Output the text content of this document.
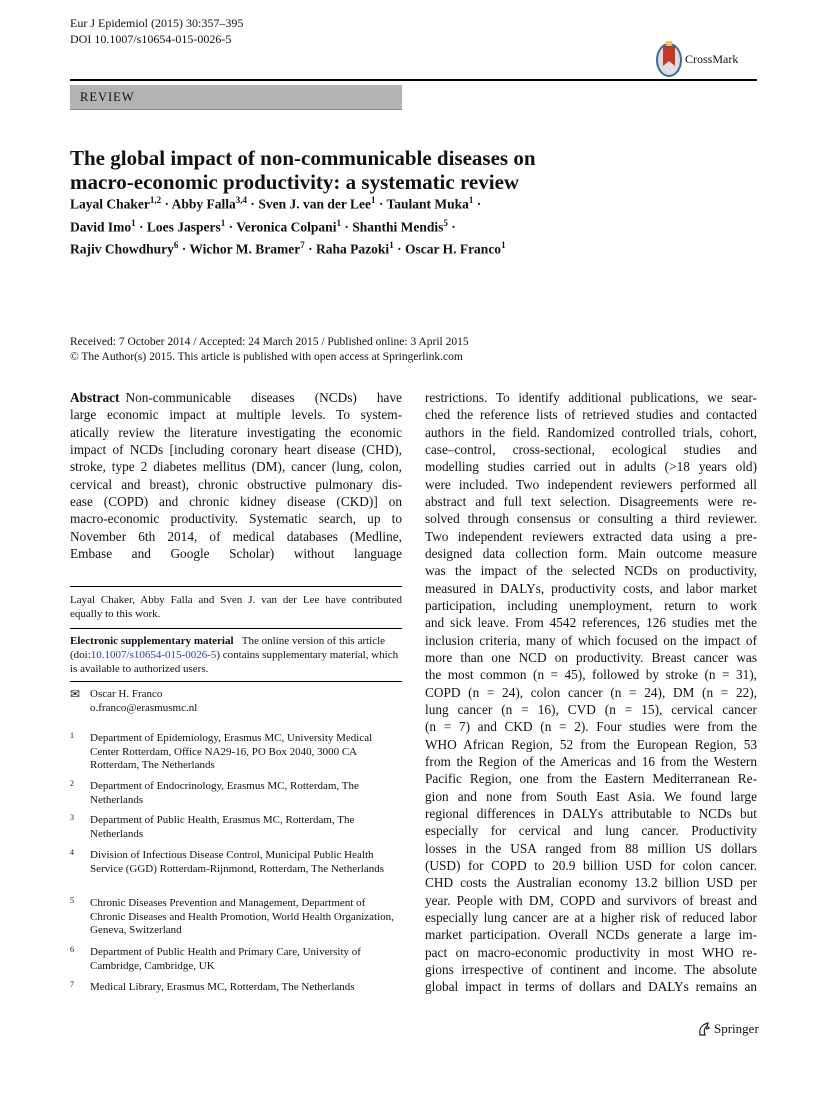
Eur J Epidemiol (2015) 30:357–395
DOI 10.1007/s10654-015-0026-5
CrossMark
REVIEW
The global impact of non-communicable diseases on
macro-economic productivity: a systematic review
Layal Chaker$^{1,2}$ · Abby Falla$^{3,4}$ · Sven J. van der Lee$^1$ · Taulant Muka$^1$ ·
David Imo$^1$ · Loes Jaspers$^1$ · Veronica Colpani$^1$ · Shanthi Mendis$^5$ ·
Rajiv Chowdhury$^6$ · Wichor M. Bramer$^7$ · Raha Pazoki$^1$ · Oscar H. Franco$^1$
Received: 7 October 2014 / Accepted: 24 March 2015 / Published online: 3 April 2015
© The Author(s) 2015. This article is published with open access at Springerlink.com
Abstract Non-communicable diseases (NCDs) have
large economic impact at multiple levels. To system-
atically review the literature investigating the economic
impact of NCDs [including coronary heart disease (CHD),
stroke, type 2 diabetes mellitus (DM), cancer (lung, colon,
cervical and breast), chronic obstructive pulmonary dis-
ease (COPD) and chronic kidney disease (CKD)] on
macro-economic productivity. Systematic search, up to
November 6th 2014, of medical databases (Medline,
Embase and Google Scholar) without language
restrictions. To identify additional publications, we sear-
ched the reference lists of retrieved studies and contacted
authors in the field. Randomized controlled trials, cohort,
case–control, cross-sectional, ecological studies and
modelling studies carried out in adults (>18 years old)
were included. Two independent reviewers performed all
abstract and full text selection. Disagreements were re-
solved through consensus or consulting a third reviewer.
Two independent reviewers extracted data using a pre-
designed data collection form. Main outcome measure
was the impact of the selected NCDs on productivity,
measured in DALYs, productivity costs, and labor market
participation, including unemployment, return to work
and sick leave. From 4542 references, 126 studies met the
inclusion criteria, many of which focused on the impact of
more than one NCD on productivity. Breast cancer was
the most common (n = 45), followed by stroke (n = 31),
COPD (n = 24), colon cancer (n = 24), DM (n = 22),
lung cancer (n = 16), CVD (n = 15), cervical cancer
(n = 7) and CKD (n = 2). Four studies were from the
WHO African Region, 52 from the European Region, 53
from the Region of the Americas and 16 from the Western
Pacific Region, one from the Eastern Mediterranean Re-
gion and none from South East Asia. We found large
regional differences in DALYs attributable to NCDs but
especially for cervical and lung cancer. Productivity
losses in the USA ranged from 88 million US dollars
(USD) for COPD to 20.9 billion USD for colon cancer.
CHD costs the Australian economy 13.2 billion USD per
year. People with DM, COPD and survivors of breast and
especially lung cancer are at a higher risk of reduced labor
market participation. Overall NCDs generate a large im-
pact on macro-economic productivity in most WHO re-
gions irrespective of continent and income. The absolute
global impact in terms of dollars and DALYs remains an
Layal Chaker, Abby Falla and Sven J. van der Lee have contributed equally to this work.
Electronic supplementary material The online version of this article (doi:10.1007/s10654-015-0026-5) contains supplementary material, which is available to authorized users.
✉ Oscar H. Franco
o.franco@erasmusmc.nl
1 Department of Epidemiology, Erasmus MC, University Medical Center Rotterdam, Office NA29-16, PO Box 2040, 3000 CA Rotterdam, The Netherlands
2 Department of Endocrinology, Erasmus MC, Rotterdam, The Netherlands
3 Department of Public Health, Erasmus MC, Rotterdam, The Netherlands
4 Division of Infectious Disease Control, Municipal Public Health Service (GGD) Rotterdam-Rijnmond, Rotterdam, The Netherlands
5 Chronic Diseases Prevention and Management, Department of Chronic Diseases and Health Promotion, World Health Organization, Geneva, Switzerland
6 Department of Public Health and Primary Care, University of Cambridge, Cambridge, UK
7 Medical Library, Erasmus MC, Rotterdam, The Netherlands
Springer
